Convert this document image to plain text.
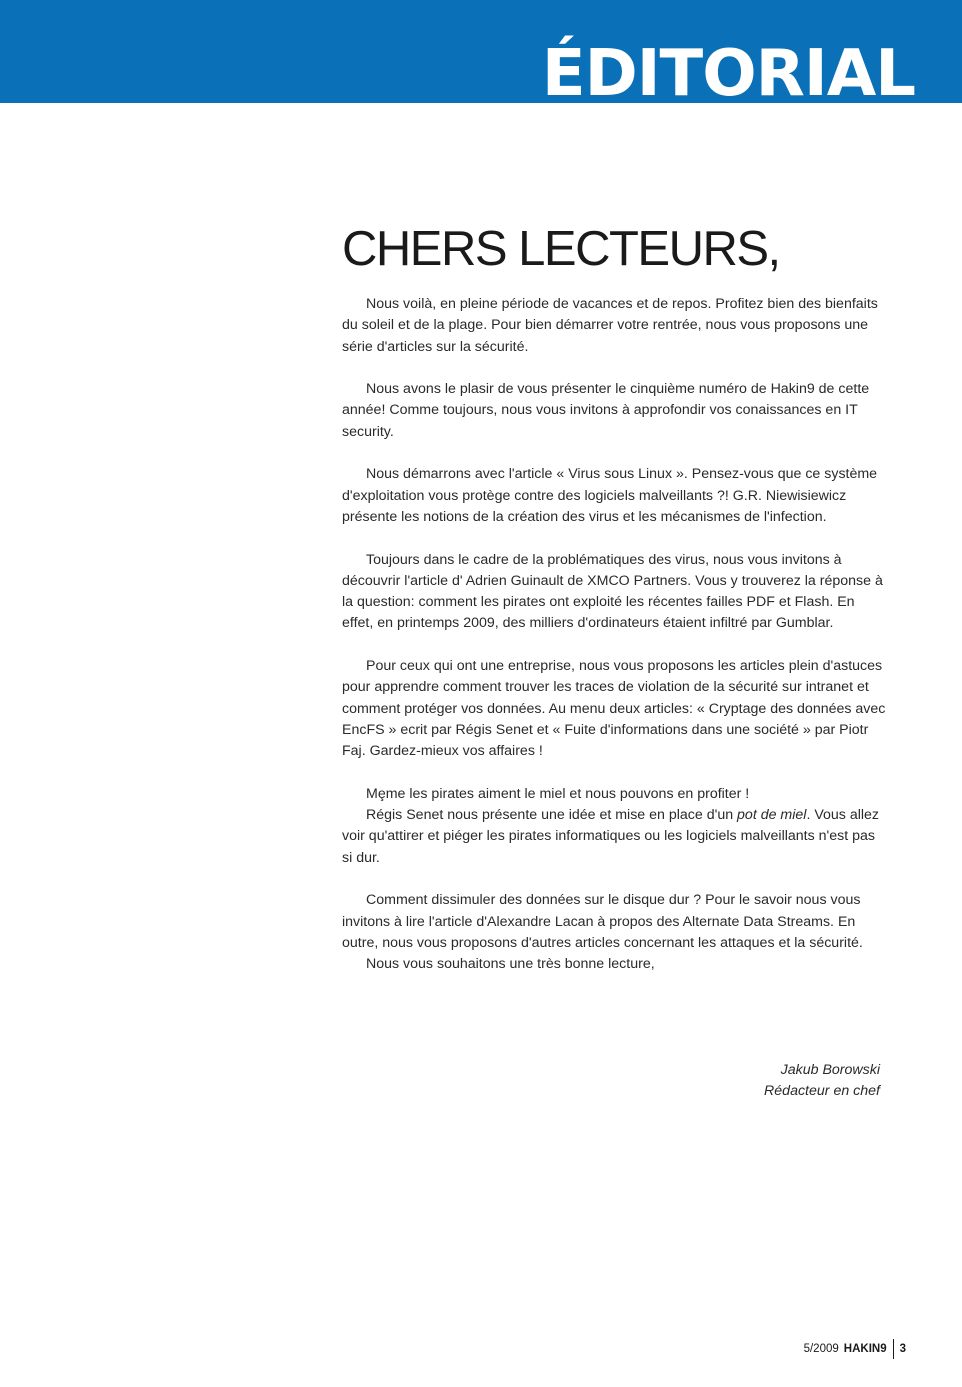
ÉDITORIAL
CHERS LECTEURS,

Nous voilà, en pleine période de vacances et de repos. Profitez bien des bienfaits du soleil et de la plage. Pour bien démarrer votre rentrée, nous vous proposons une série d'articles sur la sécurité.

Nous avons le plasir de vous présenter le cinquième numéro de Hakin9 de cette année! Comme toujours, nous vous invitons à approfondir vos conaissances en IT security.

Nous démarrons avec l'article « Virus sous Linux ». Pensez-vous que ce système d'exploitation vous protège contre des logiciels malveillants ?! G.R. Niewisiewicz présente les notions de la création des virus et les mécanismes de l'infection.

Toujours dans le cadre de la problématiques des virus, nous vous invitons à découvrir l'article d' Adrien Guinault de XMCO Partners. Vous y trouverez la réponse à la question: comment les pirates ont exploité les récentes failles PDF et Flash. En effet, en printemps 2009, des milliers d'ordinateurs étaient infiltré par Gumblar.

Pour ceux qui ont une entreprise, nous vous proposons les articles plein d'astuces pour apprendre comment trouver les traces de violation de la sécurité sur intranet et comment protéger vos données. Au menu deux articles: « Cryptage des données avec EncFS » ecrit par Régis Senet et « Fuite d'informations dans une société » par Piotr Faj. Gardez-mieux vos affaires !

Mȩme les pirates aiment le miel et nous pouvons en profiter !

Régis Senet nous présente une idée et mise en place d'un pot de miel. Vous allez voir qu'attirer et piéger les pirates informatiques ou les logiciels malveillants n'est pas si dur.

Comment dissimuler des données sur le disque dur ? Pour le savoir nous vous invitons à lire l'article d'Alexandre Lacan à propos des Alternate Data Streams. En outre, nous vous proposons d'autres articles concernant les attaques et la sécurité.

Nous vous souhaitons une très bonne lecture,

Jakub Borowski
Rédacteur en chef
5/2009 HAKIN9 3
